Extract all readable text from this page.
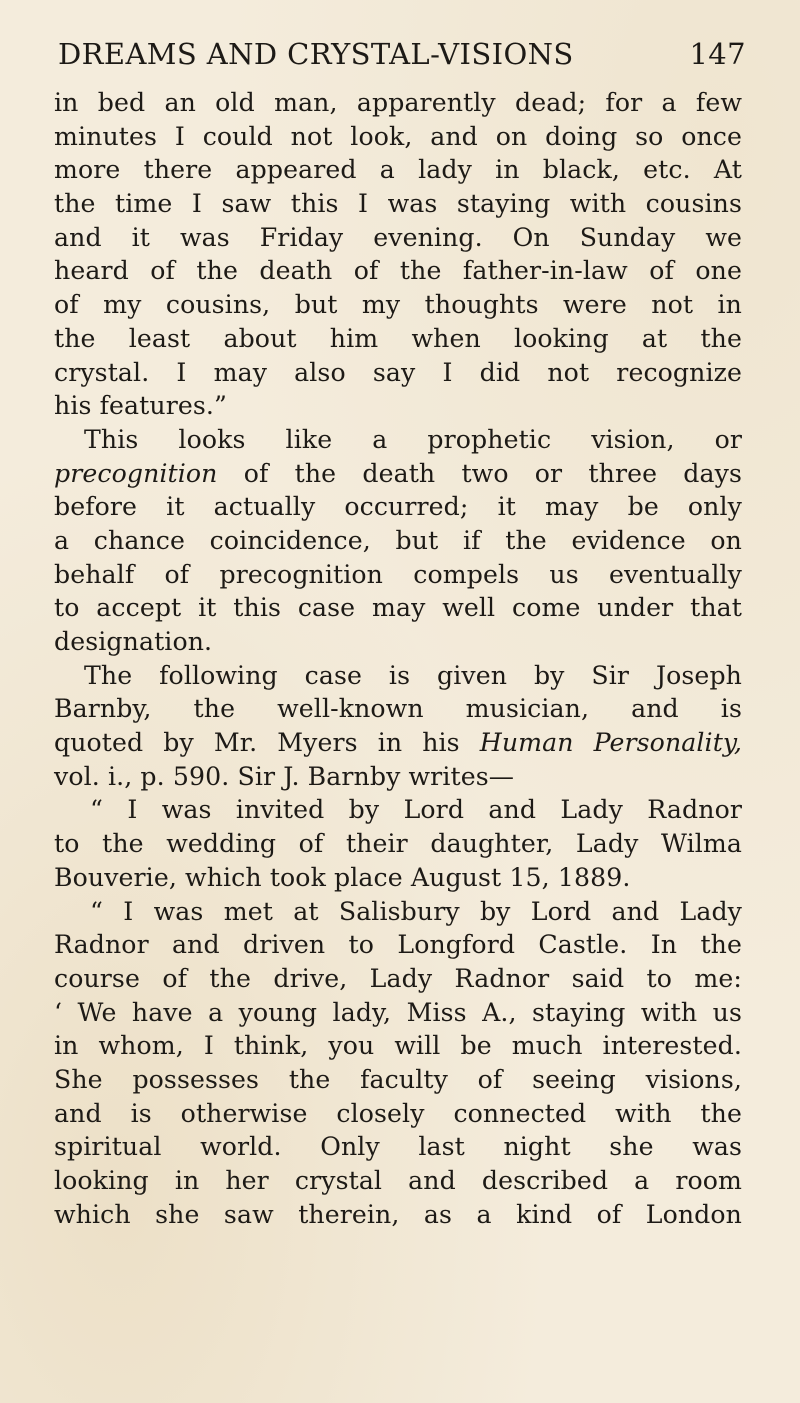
DREAMS AND CRYSTAL-VISIONS	147
in bed an old man, apparently dead; for a few
minutes I could not look, and on doing so once
more there appeared a lady in black, etc. At
the time I saw this I was staying with cousins
and it was Friday evening. On Sunday we
heard of the death of the father-in-law of one
of my cousins, but my thoughts were not in
the least about him when looking at the
crystal. I may also say I did not recognize
his features.”
This looks like a prophetic vision, or
precognition of the death two or three days
before it actually occurred; it may be only
a chance coincidence, but if the evidence on
behalf of precognition compels us eventually
to accept it this case may well come under that
designation.
The following case is given by Sir Joseph
Barnby, the well-known musician, and is
quoted by Mr. Myers in his Human Personality,
vol. i., p. 590. Sir J. Barnby writes—
“ I was invited by Lord and Lady Radnor
to the wedding of their daughter, Lady Wilma
Bouverie, which took place August 15, 1889.
“ I was met at Salisbury by Lord and Lady
Radnor and driven to Longford Castle. In the
course of the drive, Lady Radnor said to me:
‘ We have a young lady, Miss A., staying with us
in whom, I think, you will be much interested.
She possesses the faculty of seeing visions,
and is otherwise closely connected with the
spiritual world. Only last night she was
looking in her crystal and described a room
which she saw therein, as a kind of London
